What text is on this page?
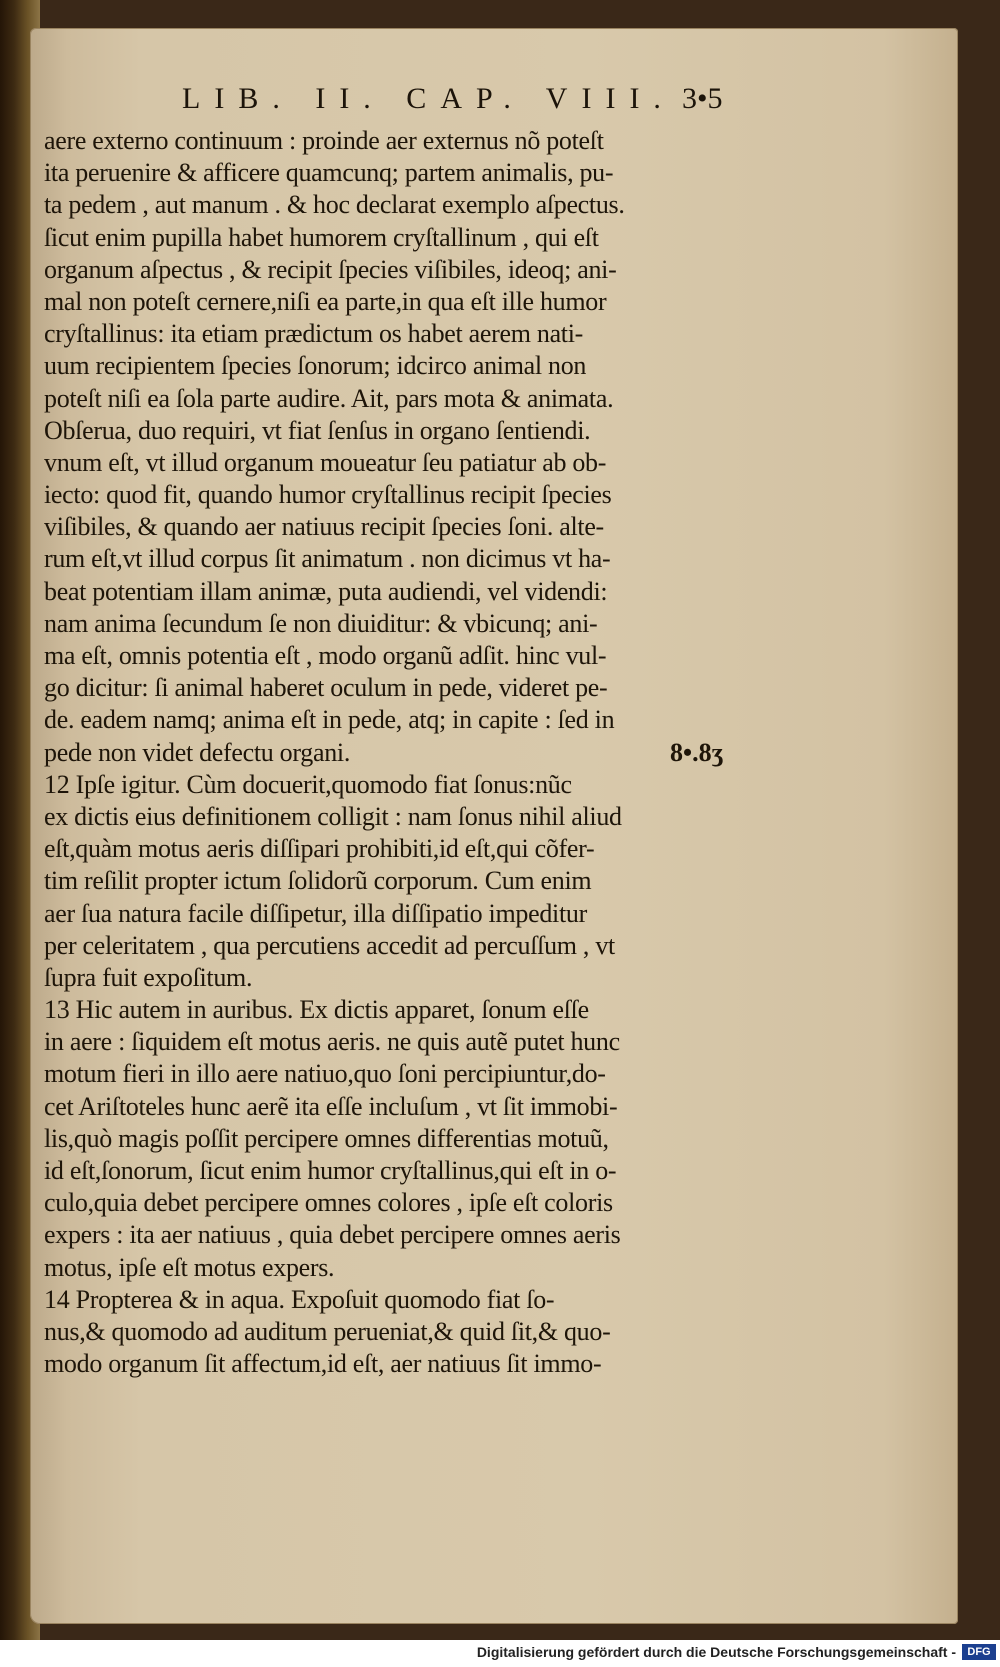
LIB. II. CAP. VIII. 3•5
aere externo continuum : proinde aer externus nõ poteſt
ita peruenire & afficere quamcunq; partem animalis, pu-
ta pedem , aut manum . & hoc declarat exemplo aſpectus.
ſicut enim pupilla habet humorem cryſtallinum , qui eſt
organum aſpectus , & recipit ſpecies viſibiles, ideoq; ani-
mal non poteſt cernere,niſi ea parte,in qua eſt ille humor
cryſtallinus: ita etiam prædictum os habet aerem nati-
uum recipientem ſpecies ſonorum; idcirco animal non
poteſt niſi ea ſola parte audire. Ait, pars mota & animata.
Obſerua, duo requiri, vt fiat ſenſus in organo ſentiendi.
vnum eſt, vt illud organum moueatur ſeu patiatur ab ob-
iecto: quod fit, quando humor cryſtallinus recipit ſpecies
viſibiles, & quando aer natiuus recipit ſpecies ſoni. alte-
rum eſt,vt illud corpus ſit animatum . non dicimus vt ha-
beat potentiam illam animæ, puta audiendi, vel videndi:
nam anima ſecundum ſe non diuiditur: & vbicunq; ani-
ma eſt, omnis potentia eſt , modo organũ adſit. hinc vul-
go dicitur: ſi animal haberet oculum in pede, videret pe-
de. eadem namq; anima eſt in pede, atq; in capite : ſed in
pede non videt defectu organi.
12 Ipſe igitur. Cùm docuerit,quomodo fiat ſonus:nũc
ex dictis eius definitionem colligit : nam ſonus nihil aliud
eſt,quàm motus aeris diſſipari prohibiti,id eſt,qui cõfer-
tim reſilit propter ictum ſolidorũ corporum. Cum enim
aer ſua natura facile diſſipetur, illa diſſipatio impeditur
per celeritatem , qua percutiens accedit ad percuſſum , vt
ſupra fuit expoſitum.
13 Hic autem in auribus. Ex dictis apparet, ſonum eſſe
in aere : ſiquidem eſt motus aeris. ne quis autẽ putet hunc
motum fieri in illo aere natiuo,quo ſoni percipiuntur,do-
cet Ariſtoteles hunc aerẽ ita eſſe incluſum , vt ſit immobi-
lis,quò magis poſſit percipere omnes differentias motuũ,
id eſt,ſonorum, ſicut enim humor cryſtallinus,qui eſt in o-
culo,quia debet percipere omnes colores , ipſe eſt coloris
expers : ita aer natiuus , quia debet percipere omnes aeris
motus, ipſe eſt motus expers.
14 Propterea & in aqua. Expoſuit quomodo fiat ſo-
nus,& quomodo ad auditum perueniat,& quid ſit,& quo-
modo organum ſit affectum,id eſt, aer natiuus ſit immo-
8•.8ʒ
Digitalisierung gefördert durch die Deutsche Forschungsgemeinschaft -	DFG
